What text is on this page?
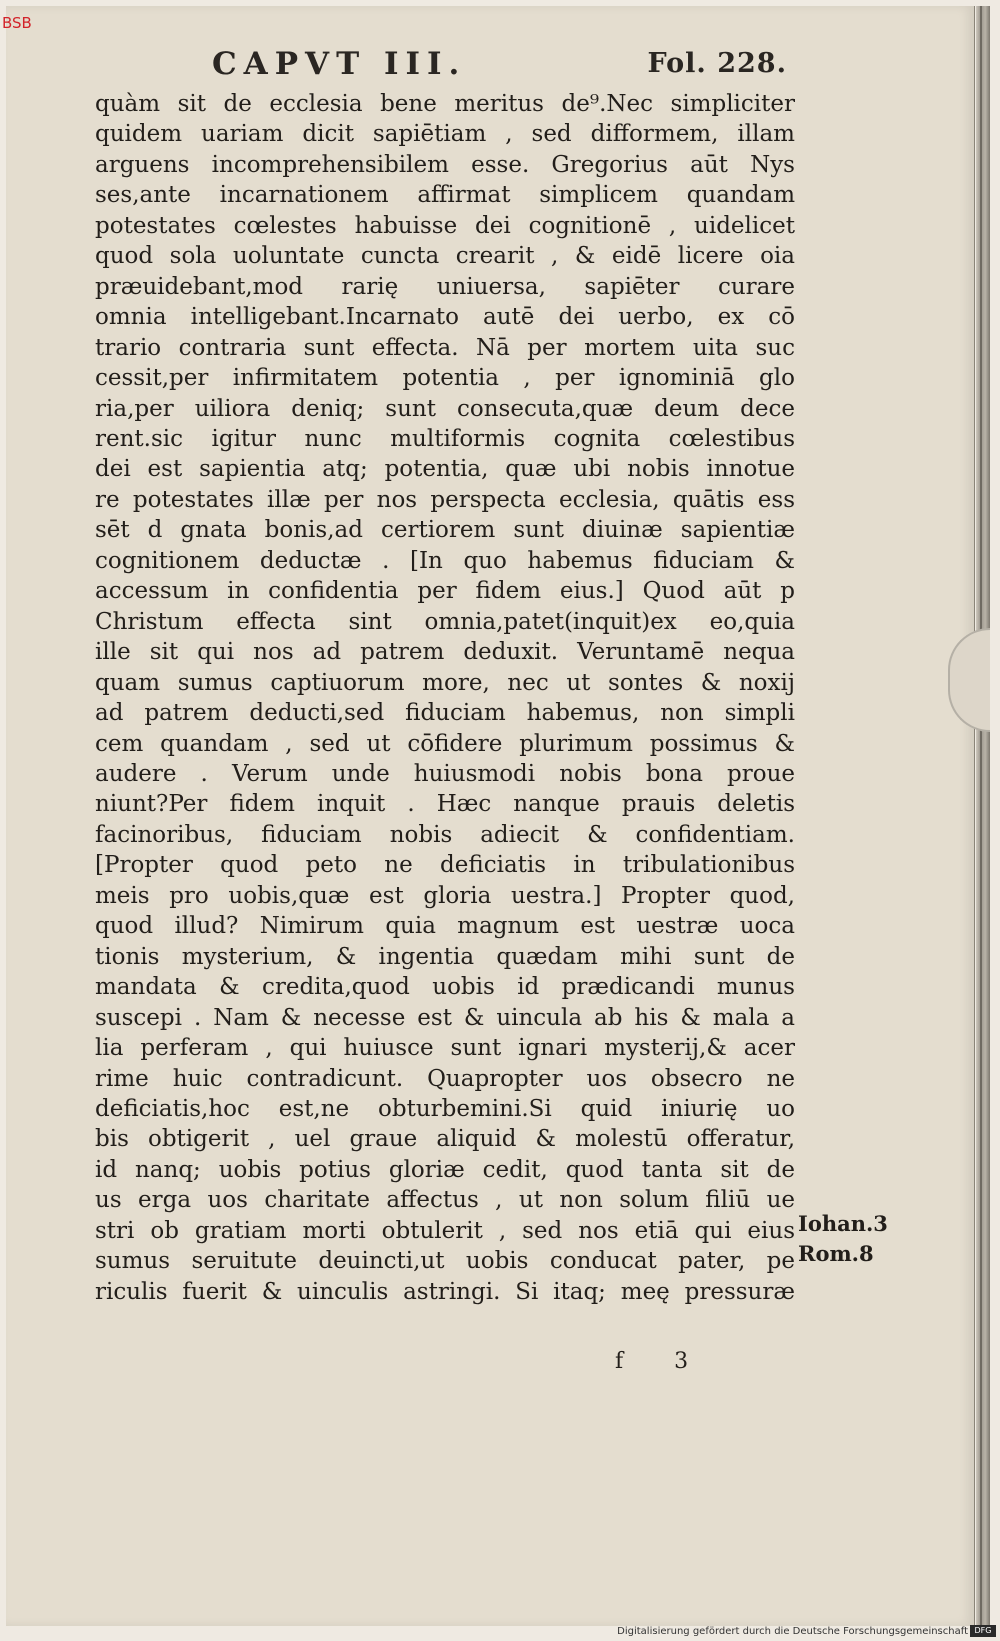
BSB
CAPVT III.	Fol. 228.
quàm sit de ecclesia bene meritus de⁹.Nec simpliciter
quidem uariam dicit sapiētiam , sed difformem, illam
arguens incomprehensibilem esse. Gregorius aūt Nys
ses,ante incarnationem affirmat simplicem quandam
potestates cœlestes habuisse dei cognitionē , uidelicet
quod sola uoluntate cuncta crearit , & eidē licere oia
præuidebant,mod rarię uniuersa, sapiēter curare
omnia intelligebant.Incarnato autē dei uerbo, ex cō
trario contraria sunt effecta. Nā per mortem uita suc
cessit,per infirmitatem potentia , per ignominiā glo
ria,per uiliora deniq; sunt consecuta,quæ deum dece
rent.sic igitur nunc multiformis cognita cœlestibus
dei est sapientia atq; potentia, quæ ubi nobis innotue
re potestates illæ per nos perspecta ecclesia, quātis ess
sēt d gnata bonis,ad certiorem sunt diuinæ sapientiæ
cognitionem deductæ . [In quo habemus fiduciam &
accessum in confidentia per fidem eius.] Quod aūt p
Christum effecta sint omnia,patet(inquit)ex eo,quia
ille sit qui nos ad patrem deduxit. Veruntamē nequa
quam sumus captiuorum more, nec ut sontes & noxij
ad patrem deducti,sed fiduciam habemus, non simpli
cem quandam , sed ut cōfidere plurimum possimus &
audere . Verum unde huiusmodi nobis bona proue
niunt?Per fidem inquit . Hæc nanque prauis deletis
facinoribus, fiduciam nobis adiecit & confidentiam.
[Propter quod peto ne deficiatis in tribulationibus
meis pro uobis,quæ est gloria uestra.] Propter quod,
quod illud? Nimirum quia magnum est uestræ uoca
tionis mysterium, & ingentia quædam mihi sunt de
mandata & credita,quod uobis id prædicandi munus
suscepi . Nam & necesse est & uincula ab his & mala a
lia perferam , qui huiusce sunt ignari mysterij,& acer
rime huic contradicunt. Quapropter uos obsecro ne
deficiatis,hoc est,ne obturbemini.Si quid iniurię uo
bis obtigerit , uel graue aliquid & molestū offeratur,
id nanq; uobis potius gloriæ cedit, quod tanta sit de
us erga uos charitate affectus , ut non solum filiū ue
stri ob gratiam morti obtulerit , sed nos etiā qui eius
sumus seruitute deuincti,ut uobis conducat pater, pe
riculis fuerit & uinculis astringi. Si itaq; meę pressuræ
Iohan.3
Rom.8
f 3
Digitalisierung gefördert durch die Deutsche Forschungsgemeinschaft DFG
